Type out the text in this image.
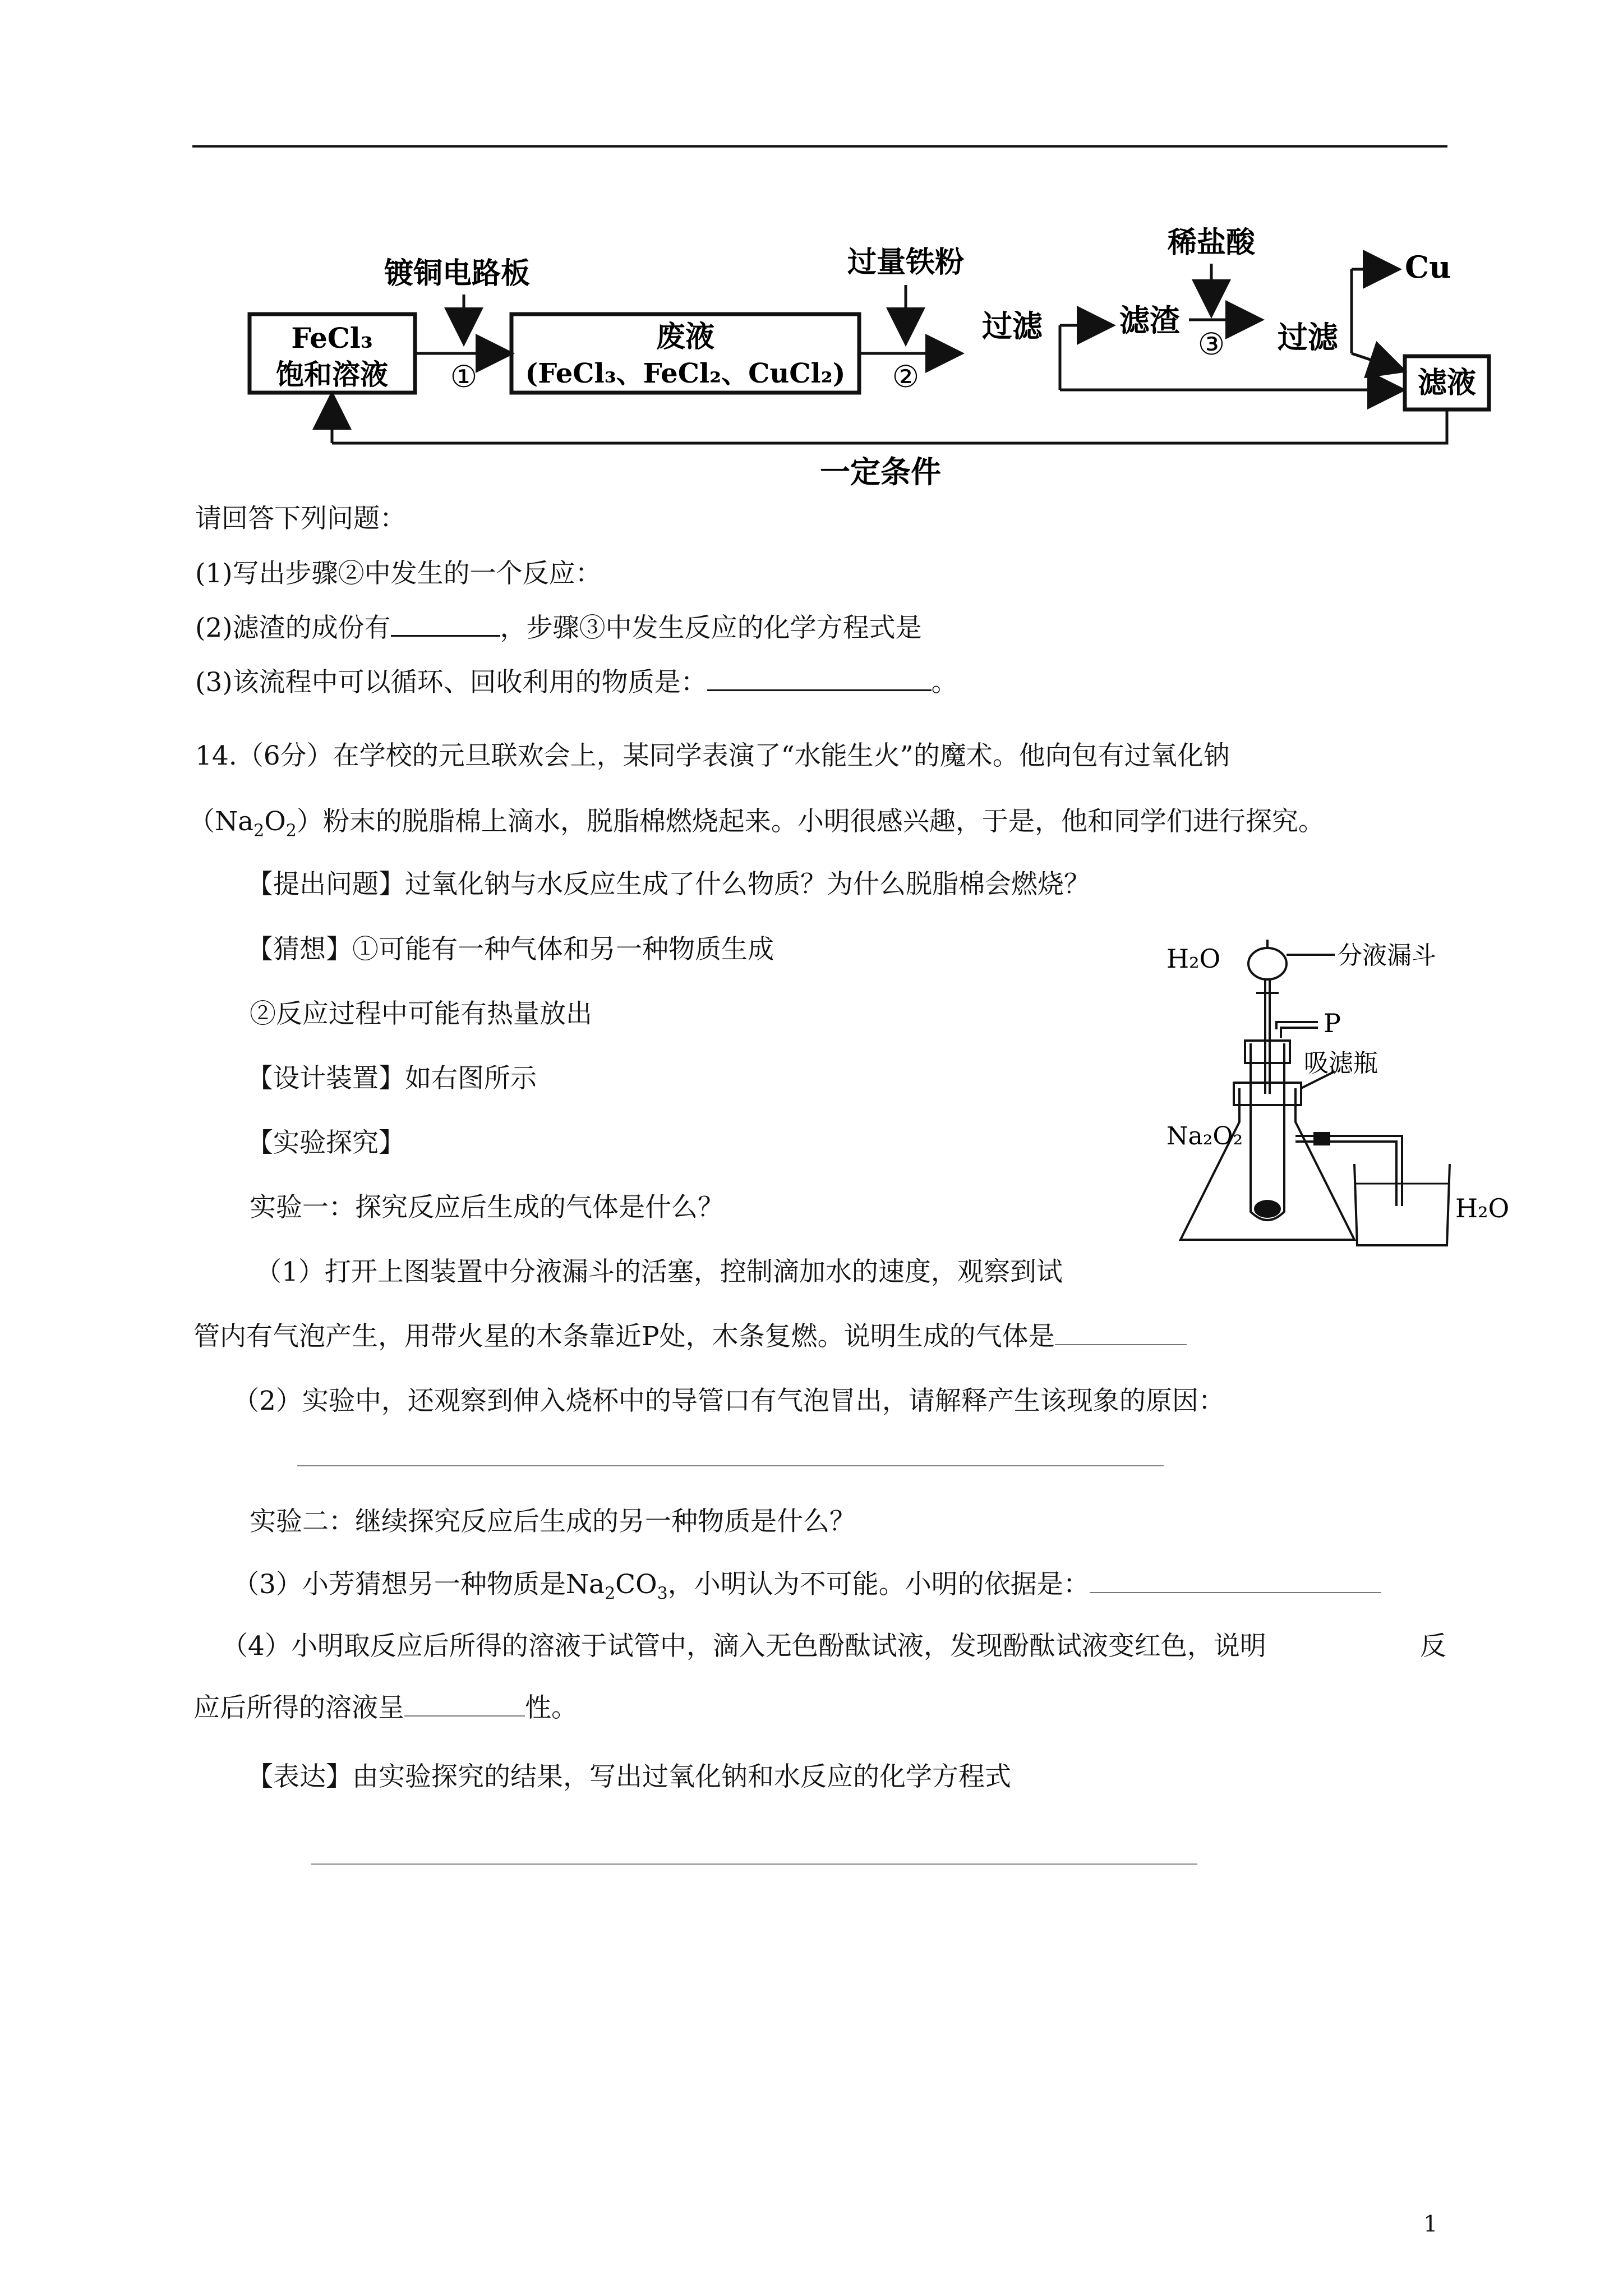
FeCl₃
饱和溶液
镀铜电路板
①
废液
(FeCl₃、FeCl₂、CuCl₂)
过量铁粉
②
过滤	滤渣
稀盐酸
③ 过滤
Cu
滤液
一定条件
请回答下列问题：
(1)写出步骤②中发生的一个反应：
(2)滤渣的成份有	，步骤③中发生反应的化学方程式是
(3)该流程中可以循环、回收利用的物质是：	。
14.（6分）在学校的元旦联欢会上，某同学表演了“水能生火”的魔术。他向包有过氧化钠
$(Na_2O_2)$粉末的脱脂棉上滴水，脱脂棉燃烧起来。小明很感兴趣，于是，他和同学们进行探究。
【提出问题】过氧化钠与水反应生成了什么物质？为什么脱脂棉会燃烧？
【猜想】①可能有一种气体和另一种物质生成
②反应过程中可能有热量放出
【设计装置】如右图所示
【实验探究】
实验一：探究反应后生成的气体是什么？
（1）打开上图装置中分液漏斗的活塞，控制滴加水的速度，观察到试
管内有气泡产生，用带火星的木条靠近P处，木条复燃。说明生成的气体是
（2）实验中，还观察到伸入烧杯中的导管口有气泡冒出，请解释产生该现象的原因：
实验二：继续探究反应后生成的另一种物质是什么？
（3）小芳猜想另一种物质是$Na_2CO_3$，小明认为不可能。小明的依据是：
（4）小明取反应后所得的溶液于试管中，滴入无色酚酞试液，发现酚酞试液变红色，说明	反
应后所得的溶液呈	性。
【表达】由实验探究的结果，写出过氧化钠和水反应的化学方程式
H₂O	分液漏斗
P
吸滤瓶
Na₂O₂
H₂O
1
